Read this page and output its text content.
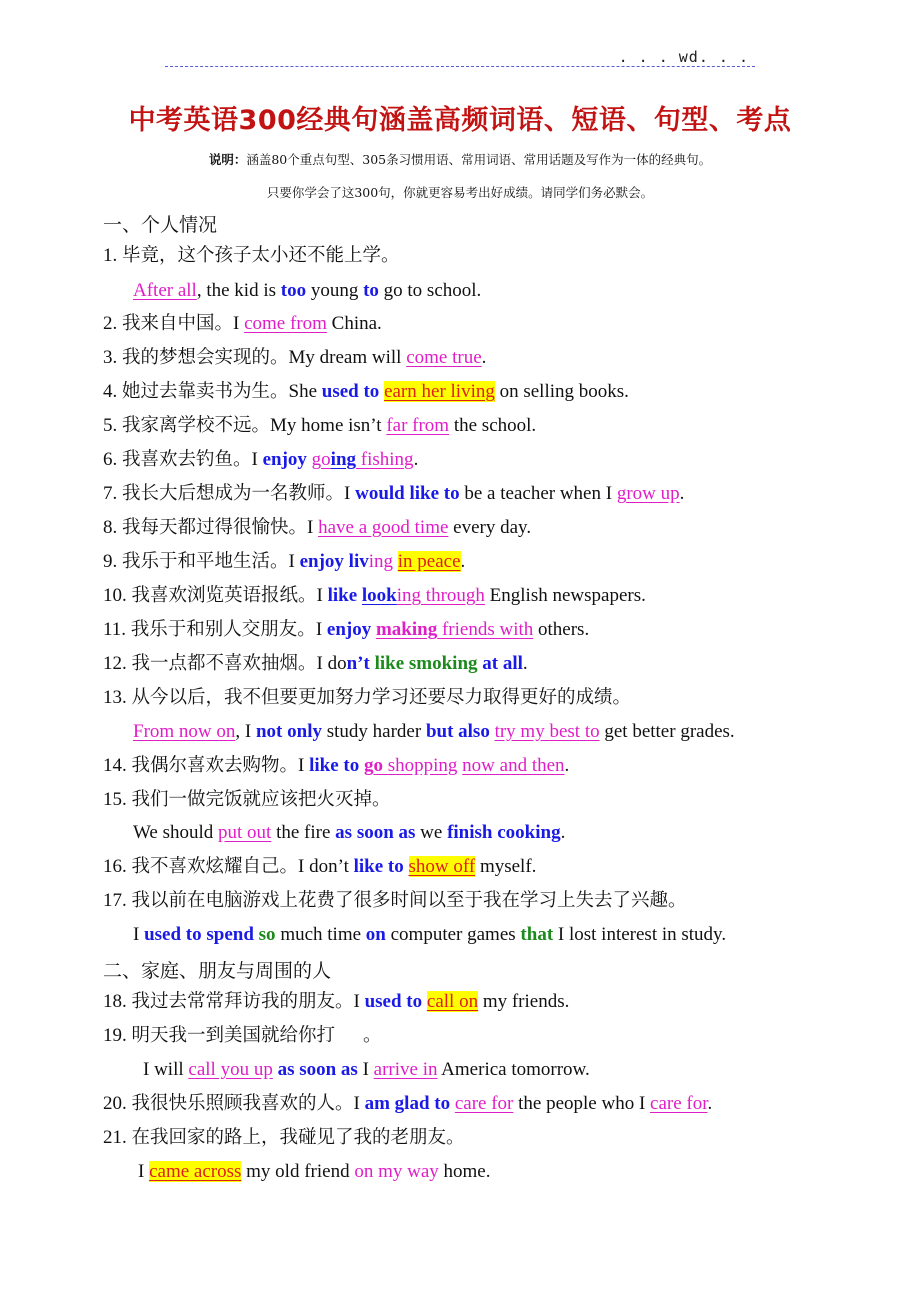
. . . wd. . .
中考英语300经典句涵盖高频词语、短语、句型、考点
说明：涵盖80个重点句型、305条习惯用语、常用词语、常用话题及写作为一体的经典句。
只要你学会了这300句，你就更容易考出好成绩。请同学们务必默会。
一、个人情况
1. 毕竟，这个孩子太小还不能上学。
After all, the kid is too young to go to school.
2. 我来自中国。I come from China.
3. 我的梦想会实现的。My dream will come true.
4. 她过去靠卖书为生。She used to earn her living on selling books.
5. 我家离学校不远。My home isn’t far from the school.
6. 我喜欢去钓鱼。I enjoy going fishing.
7. 我长大后想成为一名教师。I would like to be a teacher when I grow up.
8. 我每天都过得很愉快。I have a good time every day.
9. 我乐于和平地生活。I enjoy living in peace.
10. 我喜欢浏览英语报纸。I like looking through English newspapers.
11. 我乐于和别人交朋友。I enjoy making friends with others.
12. 我一点都不喜欢抽烟。I don’t like smoking at all.
13. 从今以后，我不但要更加努力学习还要尽力取得更好的成绩。
From now on, I not only study harder but also try my best to get better grades.
14. 我偶尔喜欢去购物。I like to go shopping now and then.
15. 我们一做完饭就应该把火灭掉。
We should put out the fire as soon as we finish cooking.
16. 我不喜欢炫耀自己。I don’t like to show off myself.
17. 我以前在电脑游戏上花费了很多时间以至于我在学习上失去了兴趣。
I used to spend so much time on computer games that I lost interest in study.
二、家庭、朋友与周围的人
18. 我过去常常拜访我的朋友。I used to call on my friends.
19. 明天我一到美国就给你打 。
I will call you up as soon as I arrive in America tomorrow.
20. 我很快乐照顾我喜欢的人。I am glad to care for the people who I care for.
21. 在我回家的路上，我碰见了我的老朋友。
I came across my old friend on my way home.
